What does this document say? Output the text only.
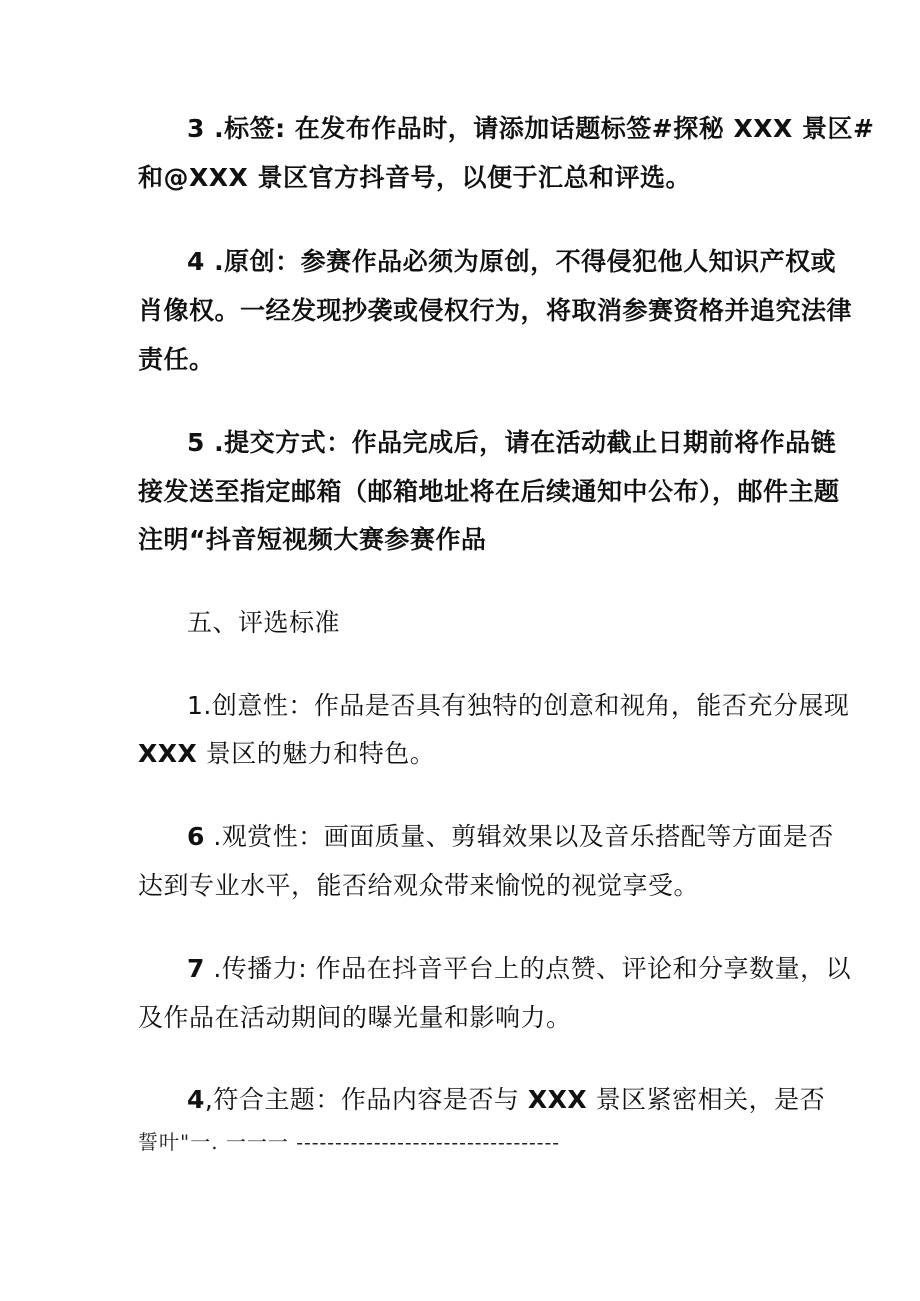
3 .标签: 在发布作品时，请添加话题标签#探秘 XXX 景区#
和@XXX 景区官方抖音号，以便于汇总和评选。
4 .原创：参赛作品必须为原创，不得侵犯他人知识产权或
肖像权。一经发现抄袭或侵权行为，将取消参赛资格并追究法律
责任。
5 .提交方式：作品完成后，请在活动截止日期前将作品链
接发送至指定邮箱（邮箱地址将在后续通知中公布），邮件主题
注明“抖音短视频大赛参赛作品
五、评选标准
1.创意性：作品是否具有独特的创意和视角，能否充分展现
XXX 景区的魅力和特色。
6 .观赏性：画面质量、剪辑效果以及音乐搭配等方面是否
达到专业水平，能否给观众带来愉悦的视觉享受。
7 .传播力: 作品在抖音平台上的点赞、评论和分享数量，以
及作品在活动期间的曝光量和影响力。
4,符合主题：作品内容是否与 XXX 景区紧密相关，是否
誓叶"一. 一一一 ----------------------------------
